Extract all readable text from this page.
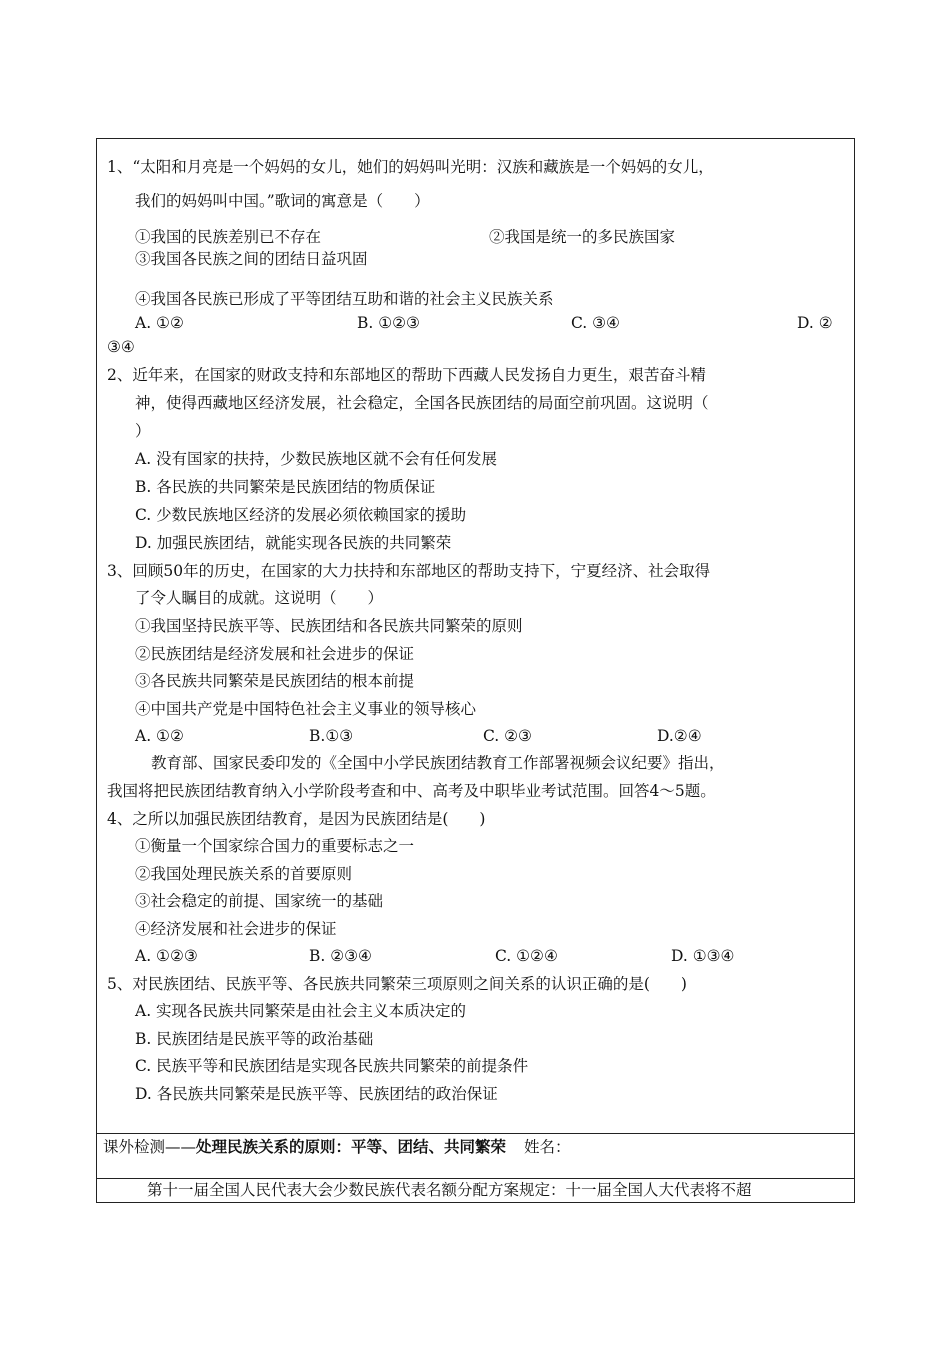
1、“太阳和月亮是一个妈妈的女儿，她们的妈妈叫光明：汉族和藏族是一个妈妈的女儿，
我们的妈妈叫中国。”歌词的寓意是（　　）
①我国的民族差别已不存在	②我国是统一的多民族国家
③我国各民族之间的团结日益巩固
④我国各民族已形成了平等团结互助和谐的社会主义民族关系
A. ①②	B. ①②③	C. ③④	D. ②
③④
2、近年来，在国家的财政支持和东部地区的帮助下西藏人民发扬自力更生，艰苦奋斗精
神，使得西藏地区经济发展，社会稳定，全国各民族团结的局面空前巩固。这说明（
）
A. 没有国家的扶持，少数民族地区就不会有任何发展
B. 各民族的共同繁荣是民族团结的物质保证
C. 少数民族地区经济的发展必须依赖国家的援助
D. 加强民族团结，就能实现各民族的共同繁荣
3、回顾50年的历史，在国家的大力扶持和东部地区的帮助支持下，宁夏经济、社会取得
了令人瞩目的成就。这说明（　　）
①我国坚持民族平等、民族团结和各民族共同繁荣的原则
②民族团结是经济发展和社会进步的保证
③各民族共同繁荣是民族团结的根本前提
④中国共产党是中国特色社会主义事业的领导核心
A. ①②	B.①③	C. ②③	D.②④
教育部、国家民委印发的《全国中小学民族团结教育工作部署视频会议纪要》指出，
我国将把民族团结教育纳入小学阶段考查和中、高考及中职毕业考试范围。回答4～5题。
4、之所以加强民族团结教育，是因为民族团结是(　　)
①衡量一个国家综合国力的重要标志之一
②我国处理民族关系的首要原则
③社会稳定的前提、国家统一的基础
④经济发展和社会进步的保证
A. ①②③	B. ②③④	C. ①②④	D. ①③④
5、对民族团结、民族平等、各民族共同繁荣三项原则之间关系的认识正确的是(　　)
A. 实现各民族共同繁荣是由社会主义本质决定的
B. 民族团结是民族平等的政治基础
C. 民族平等和民族团结是实现各民族共同繁荣的前提条件
D. 各民族共同繁荣是民族平等、民族团结的政治保证
课外检测——处理民族关系的原则：平等、团结、共同繁荣 姓名：
第十一届全国人民代表大会少数民族代表名额分配方案规定：十一届全国人大代表将不超
